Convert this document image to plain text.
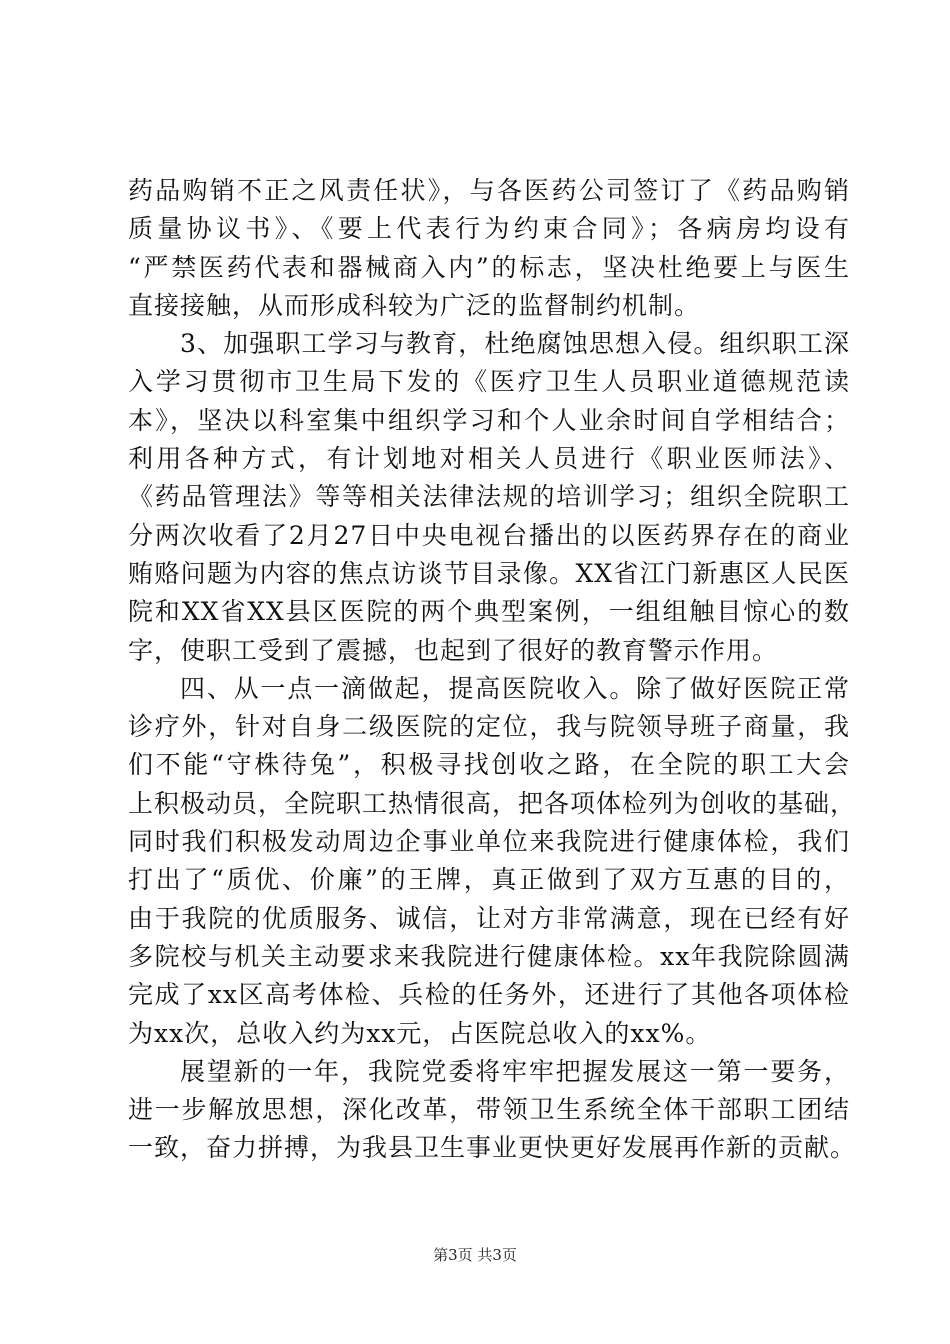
药品购销不正之风责任状》，与各医药公司签订了《药品购销
质量协议书》、《要上代表行为约束合同》；各病房均设有
“严禁医药代表和器械商入内”的标志，坚决杜绝要上与医生
直接接触，从而形成科较为广泛的监督制约机制。
3、加强职工学习与教育，杜绝腐蚀思想入侵。组织职工深
入学习贯彻市卫生局下发的《医疗卫生人员职业道德规范读
本》，坚决以科室集中组织学习和个人业余时间自学相结合；
利用各种方式，有计划地对相关人员进行《职业医师法》、
《药品管理法》等等相关法律法规的培训学习；组织全院职工
分两次收看了2月27日中央电视台播出的以医药界存在的商业
贿赂问题为内容的焦点访谈节目录像。XX省江门新惠区人民医
院和XX省XX县区医院的两个典型案例，一组组触目惊心的数
字，使职工受到了震撼，也起到了很好的教育警示作用。
四、从一点一滴做起，提高医院收入。除了做好医院正常
诊疗外，针对自身二级医院的定位，我与院领导班子商量，我
们不能“守株待兔”，积极寻找创收之路，在全院的职工大会
上积极动员，全院职工热情很高，把各项体检列为创收的基础，
同时我们积极发动周边企事业单位来我院进行健康体检，我们
打出了“质优、价廉”的王牌，真正做到了双方互惠的目的，
由于我院的优质服务、诚信，让对方非常满意，现在已经有好
多院校与机关主动要求来我院进行健康体检。xx年我院除圆满
完成了xx区高考体检、兵检的任务外，还进行了其他各项体检
为xx次，总收入约为xx元，占医院总收入的xx%。
展望新的一年，我院党委将牢牢把握发展这一第一要务，
进一步解放思想，深化改革，带领卫生系统全体干部职工团结
一致，奋力拼搏，为我县卫生事业更快更好发展再作新的贡献。
第3页 共3页
